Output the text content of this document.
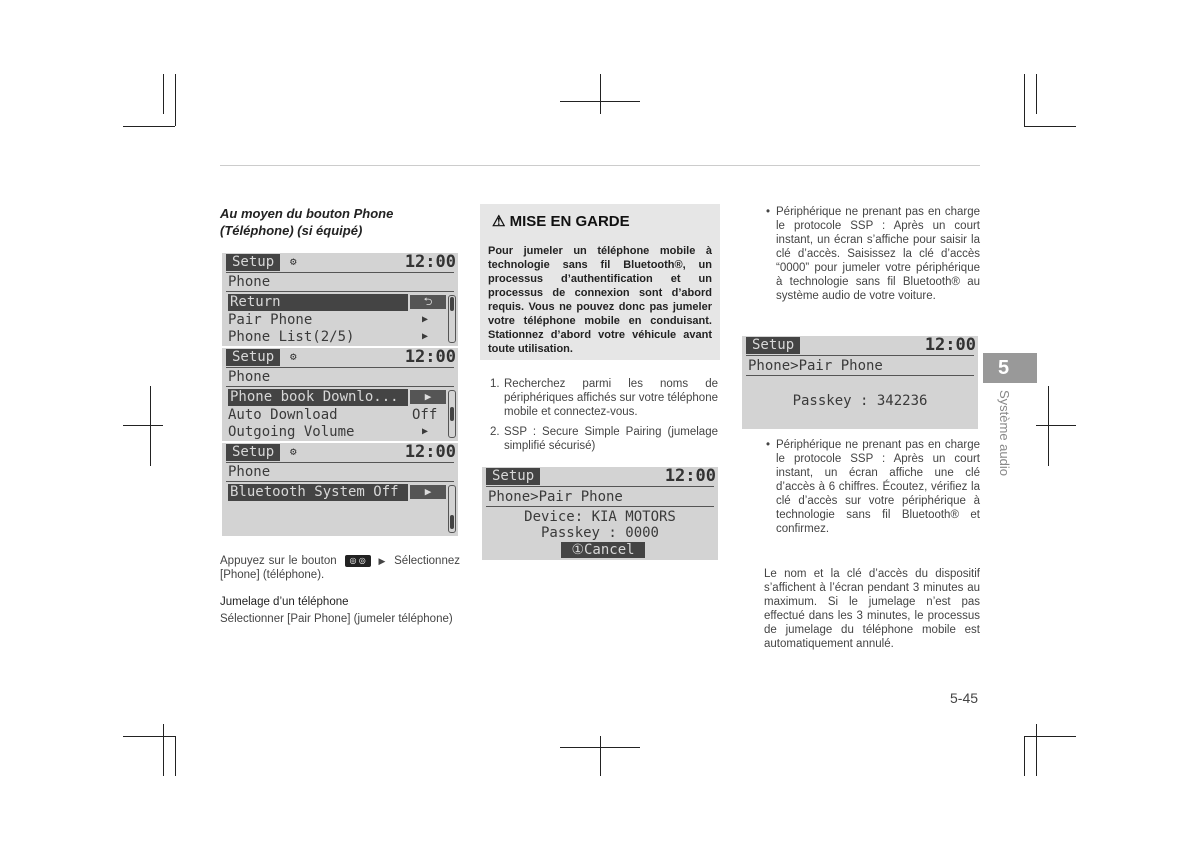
Au moyen du bouton Phone (Téléphone) (si équipé)
Setup	⚙	12:00
Phone
Return	⮌
Pair Phone	▶
Phone List(2/5)	▶
Setup	⚙	12:00
Phone
Phone book Downlo...	▶
Auto Download	Off
Outgoing Volume	▶
Setup	⚙	12:00
Phone
Bluetooth System Off	▶
Appuyez sur le bouton ◎ ◎ ▶ Sélectionnez [Phone] (téléphone).
Jumelage d’un téléphone
Sélectionner [Pair Phone] (jumeler téléphone)
⚠ MISE EN GARDE
Pour jumeler un téléphone mobile à technologie sans fil Bluetooth®, un processus d’authentification et un processus de connexion sont d’abord requis. Vous ne pouvez donc pas jumeler votre téléphone mobile en conduisant. Stationnez d’abord votre véhicule avant toute utilisation.
1. Recherchez parmi les noms de périphériques affichés sur votre téléphone mobile et connectez-vous.
2. SSP : Secure Simple Pairing (jumelage simplifié sécurisé)
Setup	12:00
Phone>Pair Phone
Device: KIA MOTORS
Passkey : 0000
①Cancel
• Périphérique ne prenant pas en charge le protocole SSP : Après un court instant, un écran s’affiche pour saisir la clé d’accès. Saisissez la clé d’accès “0000” pour jumeler votre périphérique à technologie sans fil Bluetooth® au système audio de votre voiture.
Setup	12:00
Phone>Pair Phone
Passkey : 342236
• Périphérique ne prenant pas en charge le protocole SSP : Après un court instant, un écran affiche une clé d’accès à 6 chiffres. Écoutez, vérifiez la clé d’accès sur votre périphérique à technologie sans fil Bluetooth® et confirmez.
Le nom et la clé d’accès du dispositif s’affichent à l’écran pendant 3 minutes au maximum. Si le jumelage n’est pas effectué dans les 3 minutes, le processus de jumelage du téléphone mobile est automatiquement annulé.
5
Système audio
5-45
